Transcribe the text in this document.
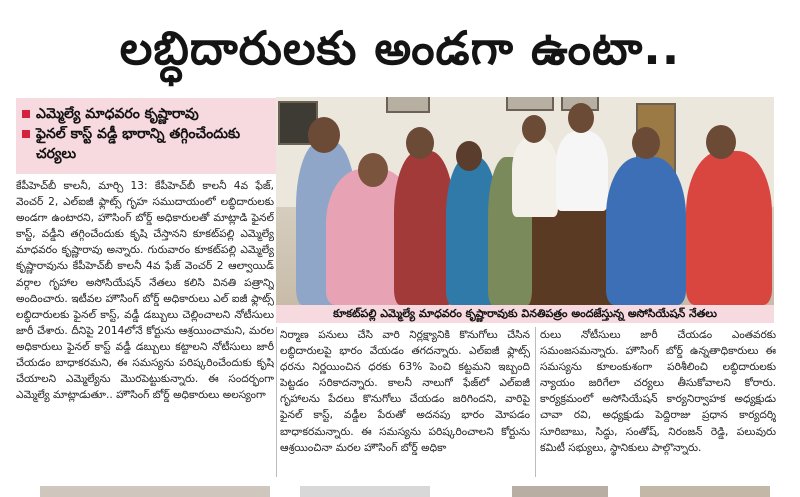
లబ్ధిదారులకు అండగా ఉంటా..
ఎమ్మెల్యే మాధవరం కృష్ణారావు
ఫైనల్ కాస్ట్ వడ్డీ భారాన్ని తగ్గించేందుకు చర్యలు
కూకట్‌పల్లి ఎమ్మెల్యే మాధవరం కృష్ణారావుకు వినతిపత్రం అందజేస్తున్న అసోసియేషన్ నేతలు

కేపీహెచ్‌బీ కాలనీ, మార్చి 13: కేపీహెచ్‌బీ కాలనీ 4వ ఫేజ్, వెంచర్ 2, ఎల్‌ఐజీ ఫ్లాట్స్ గృహ సముదాయంలో లబ్ధిదారులకు అండగా ఉంటారని, హౌసింగ్ బోర్డ్ అధికారులతో మాట్లాడి ఫైనల్ కాస్ట్, వడ్డీని తగ్గించేందుకు కృషి చేస్తానని కూకట్‌పల్లి ఎమ్మెల్యే మాధవరం కృష్ణారావు అన్నారు. గురువారం కూకట్‌పల్లి ఎమ్మెల్యే కృష్ణారావును కేపీహెచ్‌బీ కాలనీ 4వ ఫేజ్ వెంచర్ 2 ఆల్వాయిడ్ వర్గాల గృహాల అసోసియేషన్ నేతలు కలిసి వినతి పత్రాన్ని అందించారు. ఇటీవల హౌసింగ్ బోర్డ్ అధికారులు ఎల్ ఐజీ ఫ్లాట్స్ లబ్ధిదారులకు ఫైనల్ కాస్ట్, వడ్డీ డబ్బులు చెల్లించాలని నోటీసులు జారీ చేశారు. దీనిపై 2014లోనే కోర్టును ఆశ్రయించామని, మరల అధికారులు ఫైనల్ కాస్ట్ వడ్డీ డబ్బులు కట్టాలని నోటీసులు జారీ చేయడం బాధాకరమని, ఈ సమస్యను పరిష్కరించేందుకు కృషి చేయాలని ఎమ్మెల్యేను మొరపెట్టుకున్నారు. ఈ సందర్భంగా ఎమ్మెల్యే మాట్లాడుతూ.. హౌసింగ్ బోర్డ్ అధికారులు అలస్యంగా

నిర్మాణ పనులు చేసి వారి నిర్లక్ష్యానికి కొనుగోలు చేసిన లబ్ధిదారులపై భారం వేయడం తగదన్నారు. ఎల్‌ఐజీ ఫ్లాట్స్ ధరను నిర్ణయించిన ధరకు 63% పెంచి కట్టమని ఇబ్బంది పెట్టడం సరికాదన్నారు. కాలనీ నాలుగో ఫేజ్‌లో ఎల్‌ఐజీ గృహాలను పేదలు కొనుగోలు చేయడం జరిగిందని, వారిపై ఫైనల్ కాస్ట్, వడ్డీల పేరుతో అదనపు భారం మోపడం బాధాకరమన్నారు. ఈ సమస్యను పరిష్కరించాలని కోర్టును ఆశ్రయించినా మరల హౌసింగ్ బోర్డ్ అధికా

రులు నోటీసులు జారీ చేయడం ఎంతవరకు సమంజసమన్నారు. హౌసింగ్ బోర్డ్ ఉన్నతాధికారులు ఈ సమస్యను కూలంకుశంగా పరిశీలించి లబ్ధిదారులకు న్యాయం జరిగేలా చర్యలు తీసుకోవాలని కోరారు. కార్యక్రమంలో అసోసియేషన్ కార్యనిర్వాహక అధ్యక్షుడు చావా రవి, అధ్యక్షుడు పెద్దిరాజు ప్రధాన కార్యదర్శి సూరిబాబు, సిద్ధు, సంతోష్, నిరంజన్ రెడ్డి, పలువురు కమిటీ సభ్యులు, స్థానికులు పాల్గొన్నారు.
